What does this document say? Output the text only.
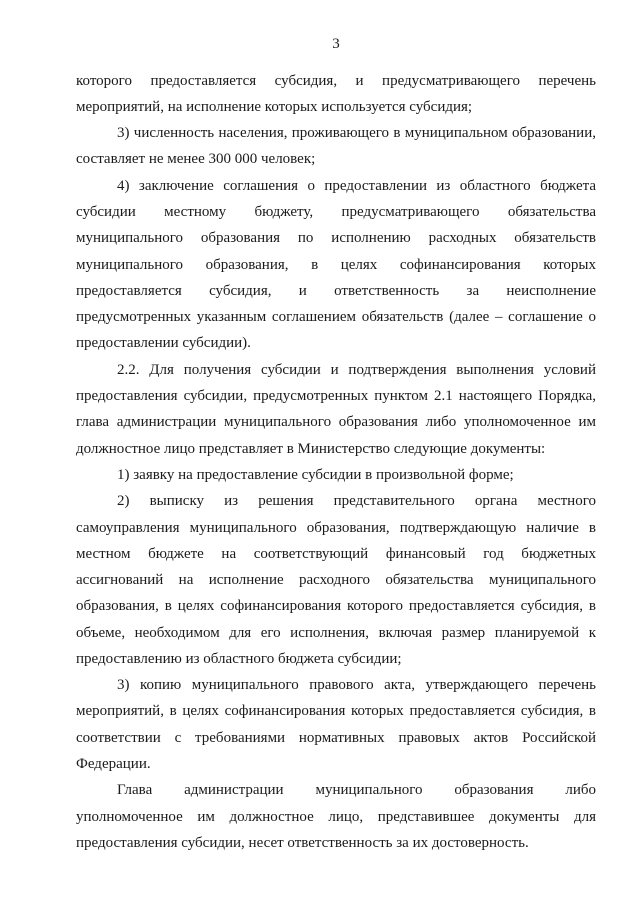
3
которого предоставляется субсидия, и предусматривающего перечень
мероприятий, на исполнение которых используется субсидия;
3) численность населения, проживающего в муниципальном образовании,
составляет не менее 300 000 человек;
4) заключение соглашения о предоставлении из областного бюджета
субсидии местному бюджету, предусматривающего обязательства
муниципального образования по исполнению расходных обязательств
муниципального образования, в целях софинансирования которых
предоставляется субсидия, и ответственность за неисполнение
предусмотренных указанным соглашением обязательств (далее – соглашение о
предоставлении субсидии).
2.2. Для получения субсидии и подтверждения выполнения условий
предоставления субсидии, предусмотренных пунктом 2.1 настоящего Порядка,
глава администрации муниципального образования либо уполномоченное им
должностное лицо представляет в Министерство следующие документы:
1) заявку на предоставление субсидии в произвольной форме;
2) выписку из решения представительного органа местного
самоуправления муниципального образования, подтверждающую наличие в
местном бюджете на соответствующий финансовый год бюджетных
ассигнований на исполнение расходного обязательства муниципального
образования, в целях софинансирования которого предоставляется субсидия, в
объеме, необходимом для его исполнения, включая размер планируемой к
предоставлению из областного бюджета субсидии;
3) копию муниципального правового акта, утверждающего перечень
мероприятий, в целях софинансирования которых предоставляется субсидия, в
соответствии с требованиями нормативных правовых актов Российской
Федерации.
Глава администрации муниципального образования либо
уполномоченное им должностное лицо, представившее документы для
предоставления субсидии, несет ответственность за их достоверность.
